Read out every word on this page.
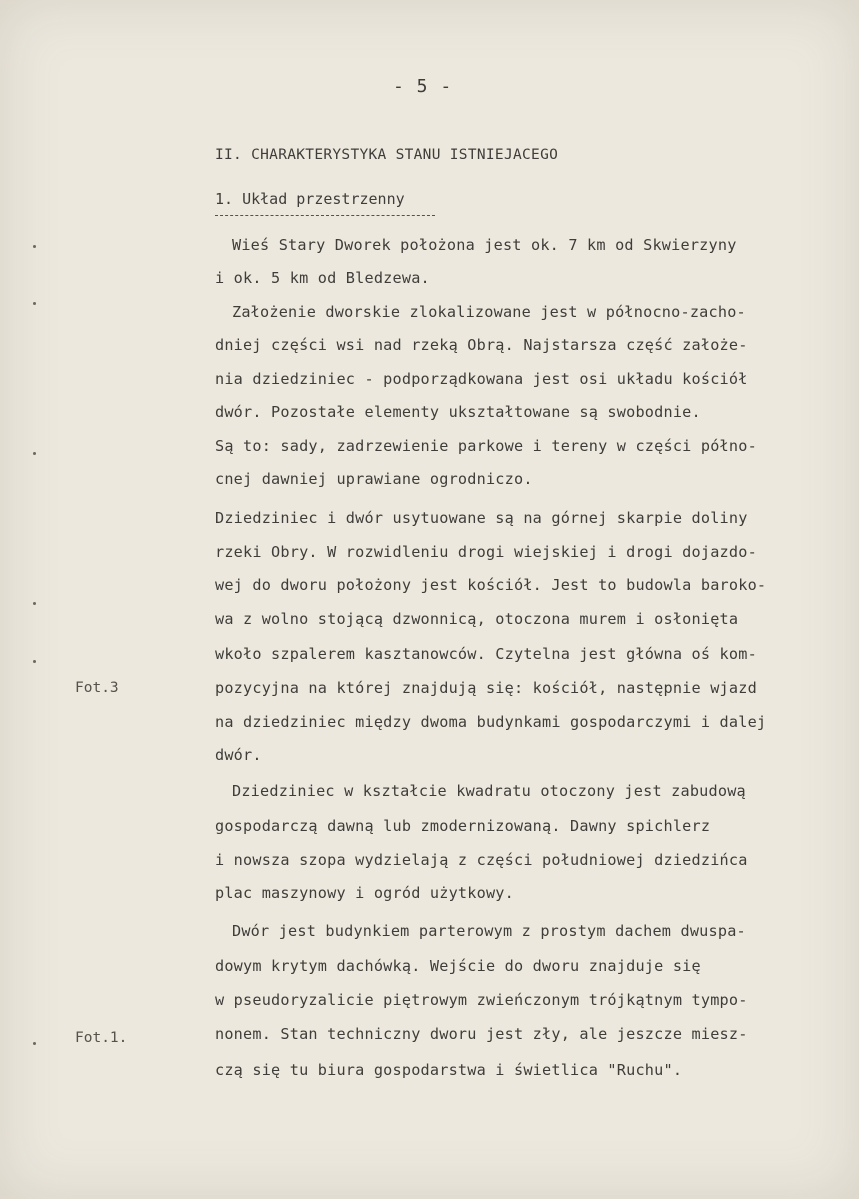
- 5 -
II. CHARAKTERYSTYKA STANU ISTNIEJACEGO
1. Układ przestrzenny
Wieś Stary Dworek położona jest ok. 7 km od Skwierzyny
i ok. 5 km od Bledzewa.
Założenie dworskie zlokalizowane jest w północno-zacho-
dniej części wsi nad rzeką Obrą. Najstarsza część założe-
nia dziedziniec - podporządkowana jest osi układu kościół
dwór. Pozostałe elementy ukształtowane są swobodnie.
Są to: sady, zadrzewienie parkowe i tereny w części półno-
cnej dawniej uprawiane ogrodniczo.
Dziedziniec i dwór usytuowane są na górnej skarpie doliny
rzeki Obry. W rozwidleniu drogi wiejskiej i drogi dojazdo-
wej do dworu położony jest kościół. Jest to budowla baroko-
wa z wolno stojącą dzwonnicą, otoczona murem i osłonięta
wkoło szpalerem kasztanowców. Czytelna jest główna oś kom-
pozycyjna na której znajdują się: kościół, następnie wjazd
na dziedziniec między dwoma budynkami gospodarczymi i dalej
dwór.
Dziedziniec w kształcie kwadratu otoczony jest zabudową
gospodarczą dawną lub zmodernizowaną. Dawny spichlerz
i nowsza szopa wydzielają z części południowej dziedzińca
plac maszynowy i ogród użytkowy.
Dwór jest budynkiem parterowym z prostym dachem dwuspa-
dowym krytym dachówką. Wejście do dworu znajduje się
w pseudoryzalicie piętrowym zwieńczonym trójkątnym tympo-
nonem. Stan techniczny dworu jest zły, ale jeszcze miesz-
czą się tu biura gospodarstwa i świetlica "Ruchu".
Fot.3
Fot.1.
